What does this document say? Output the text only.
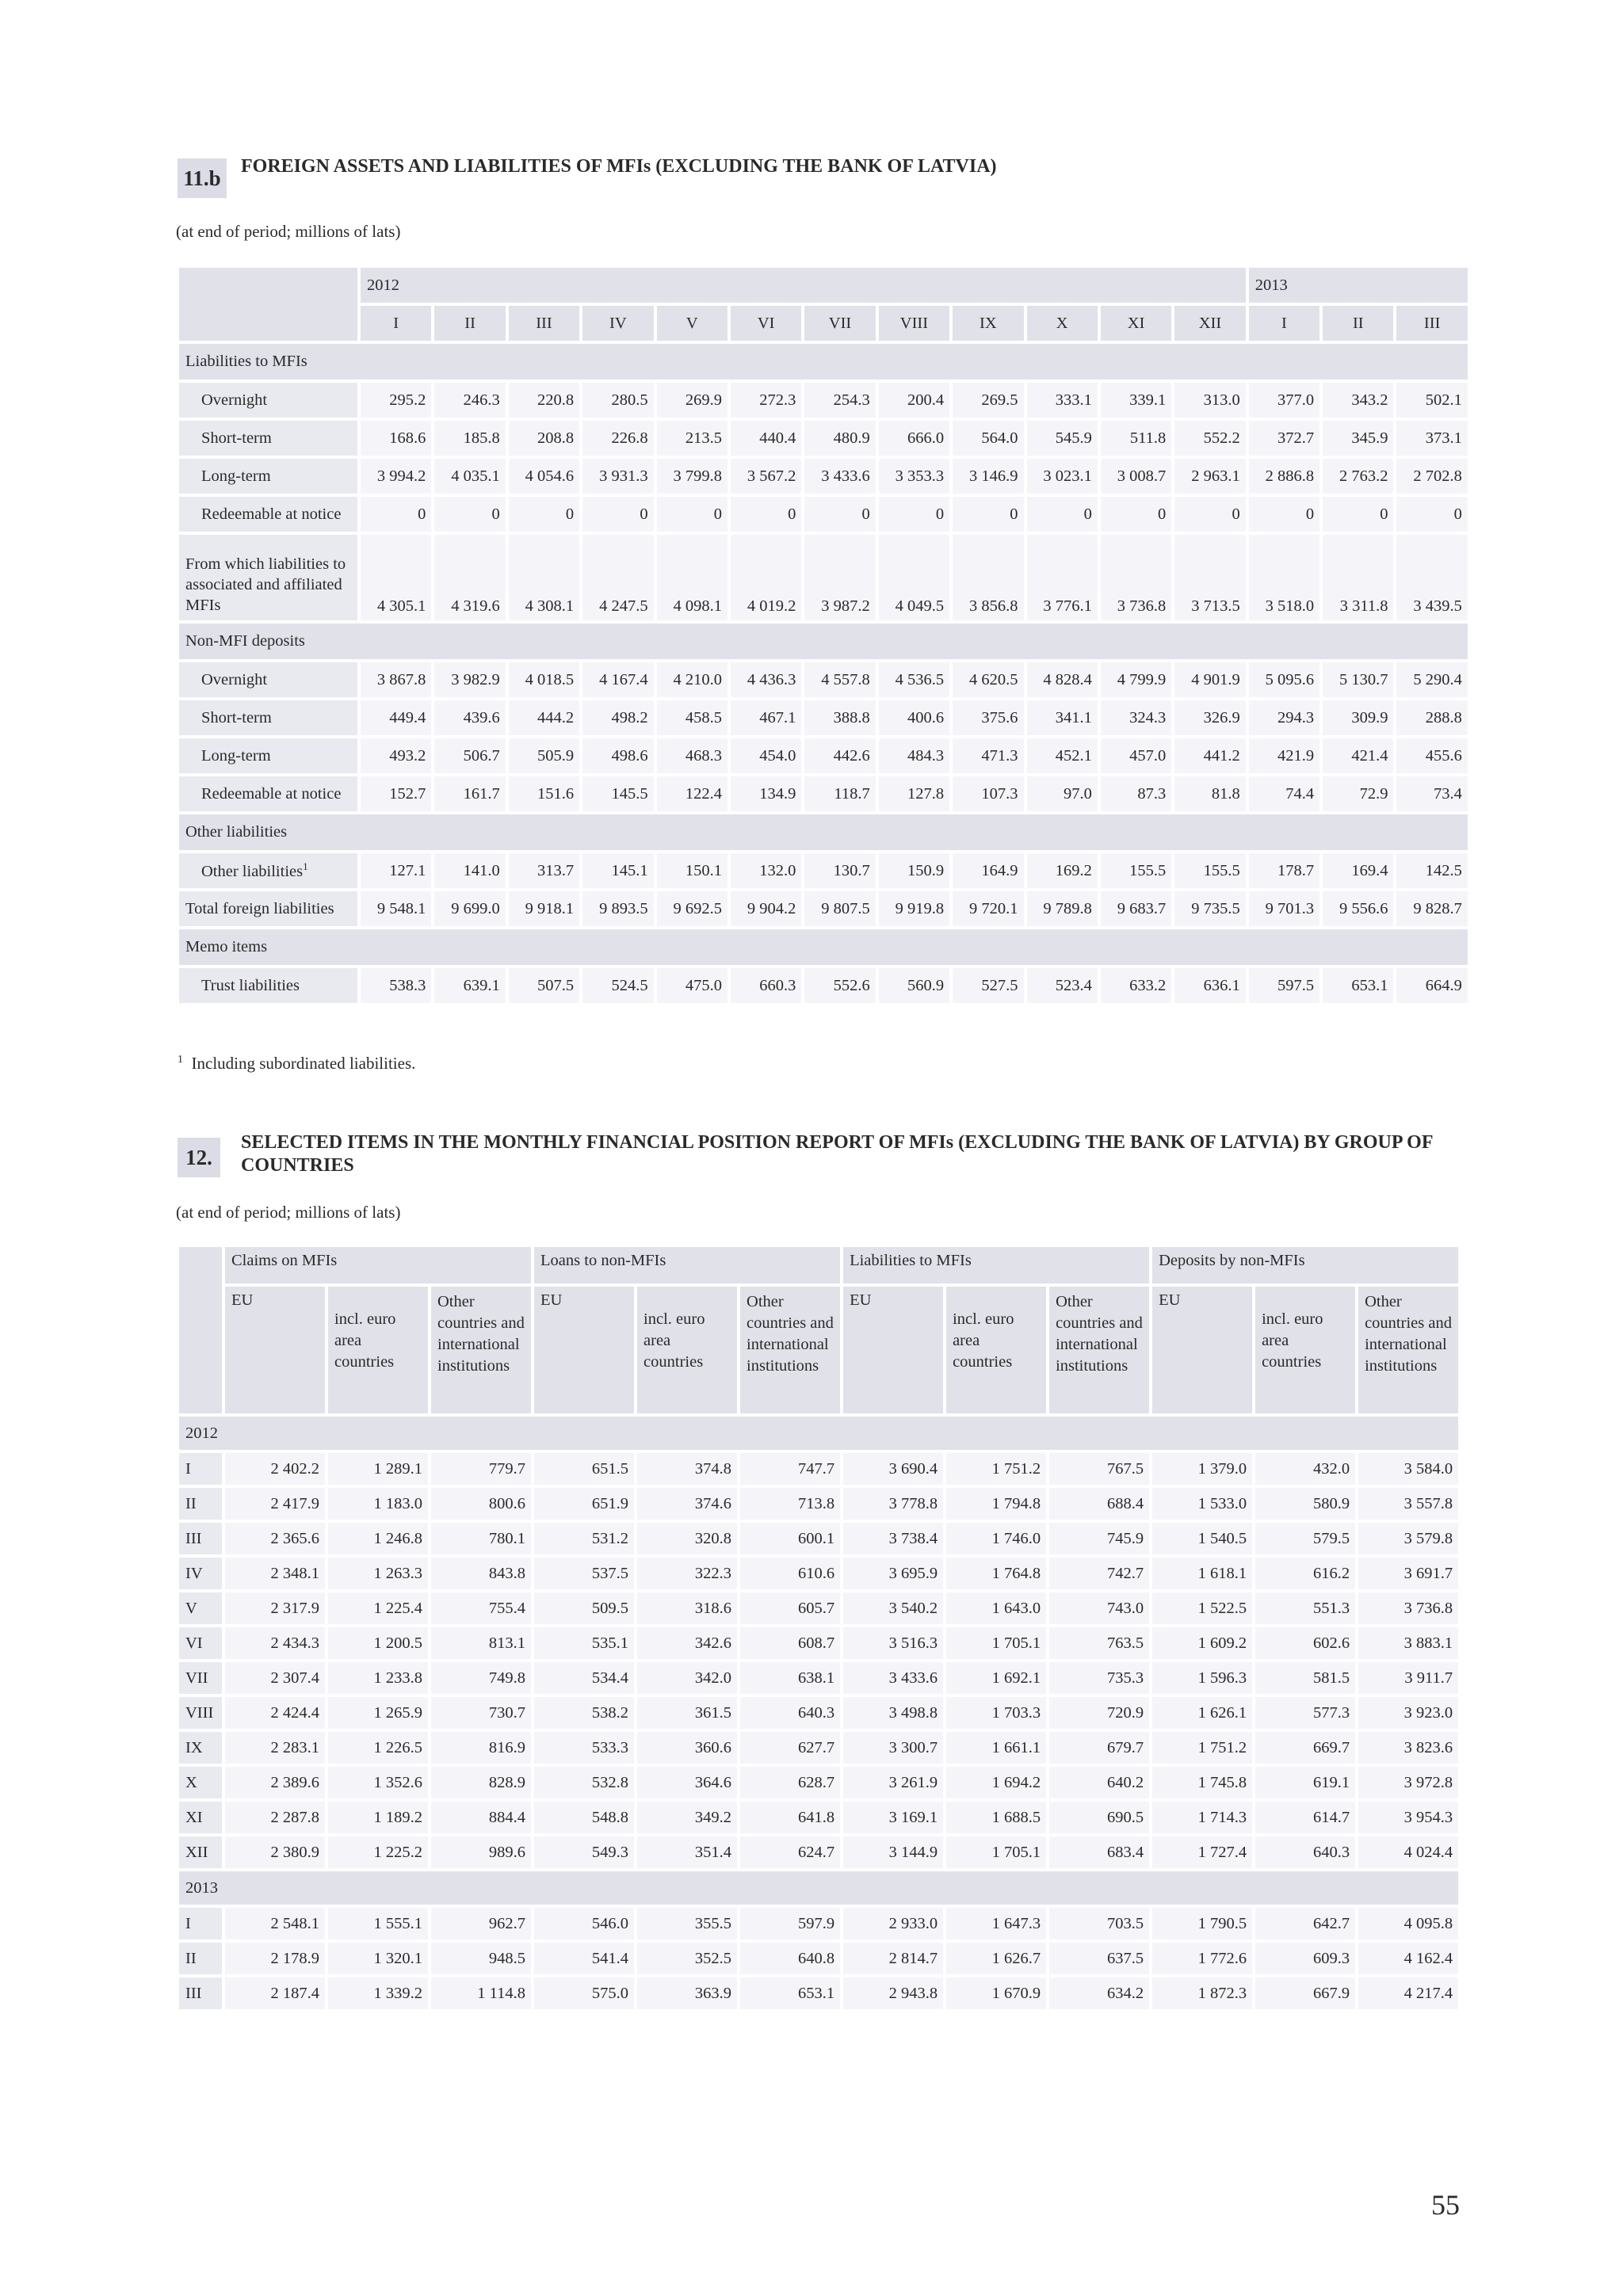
11.b	FOREIGN ASSETS AND LIABILITIES OF MFIs (EXCLUDING THE BANK OF LATVIA)
(at end of period; millions of lats)
	2012												2013		
	I	II	III	IV	V	VI	VII	VIII	IX	X	XI	XII	I	II	III
Liabilities to MFIs															
Overnight	295.2	246.3	220.8	280.5	269.9	272.3	254.3	200.4	269.5	333.1	339.1	313.0	377.0	343.2	502.1
Short-term	168.6	185.8	208.8	226.8	213.5	440.4	480.9	666.0	564.0	545.9	511.8	552.2	372.7	345.9	373.1
Long-term	3 994.2	4 035.1	4 054.6	3 931.3	3 799.8	3 567.2	3 433.6	3 353.3	3 146.9	3 023.1	3 008.7	2 963.1	2 886.8	2 763.2	2 702.8
Redeemable at notice	0	0	0	0	0	0	0	0	0	0	0	0	0	0	0
From which liabilities to associated and affiliated MFIs	4 305.1	4 319.6	4 308.1	4 247.5	4 098.1	4 019.2	3 987.2	4 049.5	3 856.8	3 776.1	3 736.8	3 713.5	3 518.0	3 311.8	3 439.5
Non-MFI deposits															
Overnight	3 867.8	3 982.9	4 018.5	4 167.4	4 210.0	4 436.3	4 557.8	4 536.5	4 620.5	4 828.4	4 799.9	4 901.9	5 095.6	5 130.7	5 290.4
Short-term	449.4	439.6	444.2	498.2	458.5	467.1	388.8	400.6	375.6	341.1	324.3	326.9	294.3	309.9	288.8
Long-term	493.2	506.7	505.9	498.6	468.3	454.0	442.6	484.3	471.3	452.1	457.0	441.2	421.9	421.4	455.6
Redeemable at notice	152.7	161.7	151.6	145.5	122.4	134.9	118.7	127.8	107.3	97.0	87.3	81.8	74.4	72.9	73.4
Other liabilities															
Other liabilities$^1$	127.1	141.0	313.7	145.1	150.1	132.0	130.7	150.9	164.9	169.2	155.5	155.5	178.7	169.4	142.5
Total foreign liabilities	9 548.1	9 699.0	9 918.1	9 893.5	9 692.5	9 904.2	9 807.5	9 919.8	9 720.1	9 789.8	9 683.7	9 735.5	9 701.3	9 556.6	9 828.7
Memo items															
Trust liabilities	538.3	639.1	507.5	524.5	475.0	660.3	552.6	560.9	527.5	523.4	633.2	636.1	597.5	653.1	664.9
$^1$ Including subordinated liabilities.
12.
SELECTED ITEMS IN THE MONTHLY FINANCIAL POSITION REPORT OF MFIs (EXCLUDING THE BANK OF LATVIA) BY GROUP OF COUNTRIES
(at end of period; millions of lats)
	Claims on MFIs			Loans to non-MFIs			Liabilities to MFIs			Deposits by non-MFIs		
	EU	incl. euro area countries	Other countries and international institutions	EU	incl. euro area countries	Other countries and international institutions	EU	incl. euro area countries	Other countries and international institutions	EU	incl. euro area countries	Other countries and international institutions
2012												
I	2 402.2	1 289.1	779.7	651.5	374.8	747.7	3 690.4	1 751.2	767.5	1 379.0	432.0	3 584.0
II	2 417.9	1 183.0	800.6	651.9	374.6	713.8	3 778.8	1 794.8	688.4	1 533.0	580.9	3 557.8
III	2 365.6	1 246.8	780.1	531.2	320.8	600.1	3 738.4	1 746.0	745.9	1 540.5	579.5	3 579.8
IV	2 348.1	1 263.3	843.8	537.5	322.3	610.6	3 695.9	1 764.8	742.7	1 618.1	616.2	3 691.7
V	2 317.9	1 225.4	755.4	509.5	318.6	605.7	3 540.2	1 643.0	743.0	1 522.5	551.3	3 736.8
VI	2 434.3	1 200.5	813.1	535.1	342.6	608.7	3 516.3	1 705.1	763.5	1 609.2	602.6	3 883.1
VII	2 307.4	1 233.8	749.8	534.4	342.0	638.1	3 433.6	1 692.1	735.3	1 596.3	581.5	3 911.7
VIII	2 424.4	1 265.9	730.7	538.2	361.5	640.3	3 498.8	1 703.3	720.9	1 626.1	577.3	3 923.0
IX	2 283.1	1 226.5	816.9	533.3	360.6	627.7	3 300.7	1 661.1	679.7	1 751.2	669.7	3 823.6
X	2 389.6	1 352.6	828.9	532.8	364.6	628.7	3 261.9	1 694.2	640.2	1 745.8	619.1	3 972.8
XI	2 287.8	1 189.2	884.4	548.8	349.2	641.8	3 169.1	1 688.5	690.5	1 714.3	614.7	3 954.3
XII	2 380.9	1 225.2	989.6	549.3	351.4	624.7	3 144.9	1 705.1	683.4	1 727.4	640.3	4 024.4
2013												
I	2 548.1	1 555.1	962.7	546.0	355.5	597.9	2 933.0	1 647.3	703.5	1 790.5	642.7	4 095.8
II	2 178.9	1 320.1	948.5	541.4	352.5	640.8	2 814.7	1 626.7	637.5	1 772.6	609.3	4 162.4
III	2 187.4	1 339.2	1 114.8	575.0	363.9	653.1	2 943.8	1 670.9	634.2	1 872.3	667.9	4 217.4
55
